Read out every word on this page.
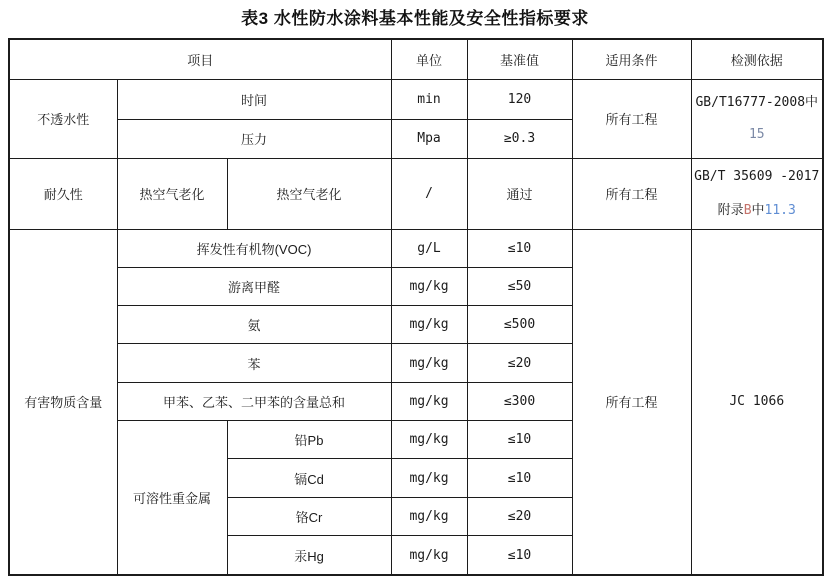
表3 水性防水涂料基本性能及安全性指标要求
项目			单位	基准值	适用条件	检测依据
不透水性	时间		min	120	所有工程	GB/T16777-2008中
15

	压力		Mpa	≥0.3		
耐久性	热空气老化	热空气老化	/	通过	所有工程	GB/T 35609 -2017
附录B中11.3

有害物质含量	挥发性有机物(VOC)		g/L	≤10	所有工程	JC 1066
	游离甲醛		mg/kg	≤50		
	氨		mg/kg	≤500		
	苯		mg/kg	≤20		
	甲苯、乙苯、二甲苯的含量总和		mg/kg	≤300		
	可溶性重金属	铅Pb	mg/kg	≤10		
		镉Cd	mg/kg	≤10		
		铬Cr	mg/kg	≤20		
		汞Hg	mg/kg	≤10		
